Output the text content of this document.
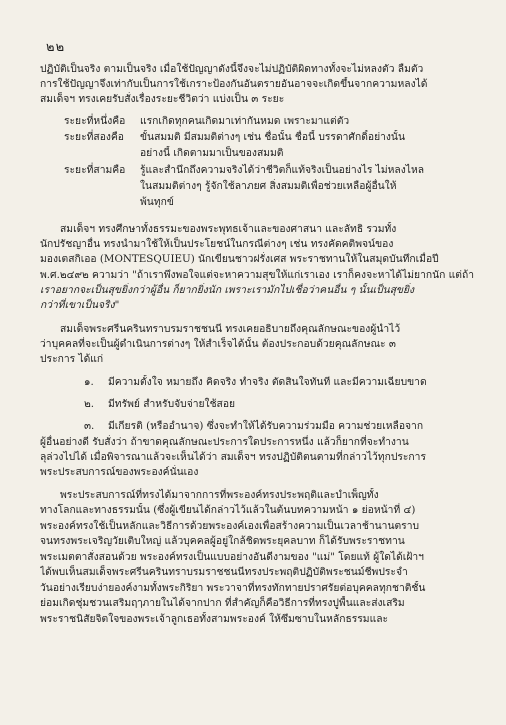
๒๒
ปฏิบัติเป็นจริง ตามเป็นจริง เมื่อใช้ปัญญาดังนี้จึงจะไม่ปฏิบัติผิดทางทั้งจะไม่หลงตัว ลืมตัว
การใช้ปัญญาจึงเท่ากับเป็นการใช้เกราะป้องกันอันตรายอันอาจจะเกิดขึ้นจากความหลงได้
สมเด็จฯ ทรงเคยรับสั่งเรื่องระยะชีวิตว่า แบ่งเป็น ๓ ระยะ
ระยะที่หนึ่งคือ	แรกเกิดทุกคนเกิดมาเท่ากันหมด เพราะมาแต่ตัว
ระยะที่สองคือ	ขั้นสมมติ มีสมมติต่างๆ เช่น ชื่อนั้น ชื่อนี้ บรรดาศักดิ์อย่างนั้น
อย่างนี้ เกิดตามมาเป็นของสมมติ
ระยะที่สามคือ	รู้และสำนึกถึงความจริงได้ว่าชีวิตก็แท้จริงเป็นอย่างไร ไม่หลงไหล
ในสมมติต่างๆ รู้จักใช้ลาภยศ สิ่งสมมติเพื่อช่วยเหลือผู้อื่นให้
พ้นทุกข์
สมเด็จฯ ทรงศึกษาทั้งธรรมะของพระพุทธเจ้าและของศาสนา และลัทธิ รวมทั้ง
นักปรัชญาอื่น ทรงนำมาใช้ให้เป็นประโยชน์ในกรณีต่างๆ เช่น ทรงคัดคติพจน์ของ
มองเตสกิเออ (MONTESQUIEU) นักเขียนชาวฝรั่งเศส พระราชทานให้ในสมุดบันทึกเมื่อปี
พ.ศ.๒๔๙๒ ความว่า "ถ้าเราพึงพอใจแต่จะหาความสุขให้แก่เราเอง เราก็คงจะหาได้ไม่ยากนัก แต่ถ้า
เราอยากจะเป็นสุขยิ่งกว่าผู้อื่น ก็ยากยิ่งนัก เพราะเรามักไปเชื่อว่าคนอื่น ๆ นั้นเป็นสุขยิ่ง
กว่าที่เขาเป็นจริง"
สมเด็จพระศรีนครินทราบรมราชชนนี ทรงเคยอธิบายถึงคุณลักษณะของผู้นำไว้
ว่าบุคคลที่จะเป็นผู้ดำเนินการต่างๆ ให้สำเร็จได้นั้น ต้องประกอบด้วยคุณลักษณะ ๓
ประการ ได้แก่
๑. มีความตั้งใจ หมายถึง คิดจริง ทำจริง ตัดสินใจทันที และมีความเฉียบขาด
๒. มีทรัพย์ สำหรับจับจ่ายใช้สอย
๓. มีเกียรติ (หรืออำนาจ) ซึ่งจะทำให้ได้รับความร่วมมือ ความช่วยเหลือจาก
ผู้อื่นอย่างดี รับสั่งว่า ถ้าขาดคุณลักษณะประการใดประการหนึ่ง แล้วก็ยากที่จะทำงาน
ลุล่วงไปได้ เมื่อพิจารณาแล้วจะเห็นได้ว่า สมเด็จฯ ทรงปฏิบัติตนตามที่กล่าวไว้ทุกประการ
พระประสบการณ์ของพระองค์นั่นเอง
พระประสบการณ์ที่ทรงได้มาจากการที่พระองค์ทรงประพฤติและบำเพ็ญทั้ง
ทางโลกและทางธรรมนั้น (ซึ่งผู้เขียนได้กล่าวไว้แล้วในต้นบทความหน้า ๑ ย่อหน้าที่ ๔)
พระองค์ทรงใช้เป็นหลักและวิธีการด้วยพระองค์เองเพื่อสร้างความเป็นเวลาช้านานตราบ
จนทรงพระเจริญวัยเติบใหญ่ แล้วบุคคลผู้อยู่ใกล้ชิดพระยุคลบาท ก็ได้รับพระราชทาน
พระเมตตาสั่งสอนด้วย พระองค์ทรงเป็นแบบอย่างอันดีงามของ "แม่" โดยแท้ ผู้ใดได้เฝ้าฯ
ได้พบเห็นสมเด็จพระศรีนครินทราบรมราชชนนีทรงประพฤติปฏิบัติพระชนม์ชีพประจำ
วันอย่างเรียบง่ายองค์งามทั้งพระกิริยา พระวาจาที่ทรงทักทายปราศรัยต่อบุคคลทุกชาติชั้น
ย่อมเกิดชุ่มชวนเสริมฤๅภายในได้จากปาก ที่สำคัญก็คือวิธีการที่ทรงปูพื้นและส่งเสริม
พระราชนิสัยจิตใจของพระเจ้าลูกเธอทั้งสามพระองค์ ให้ซึมซาบในหลักธรรมและ
